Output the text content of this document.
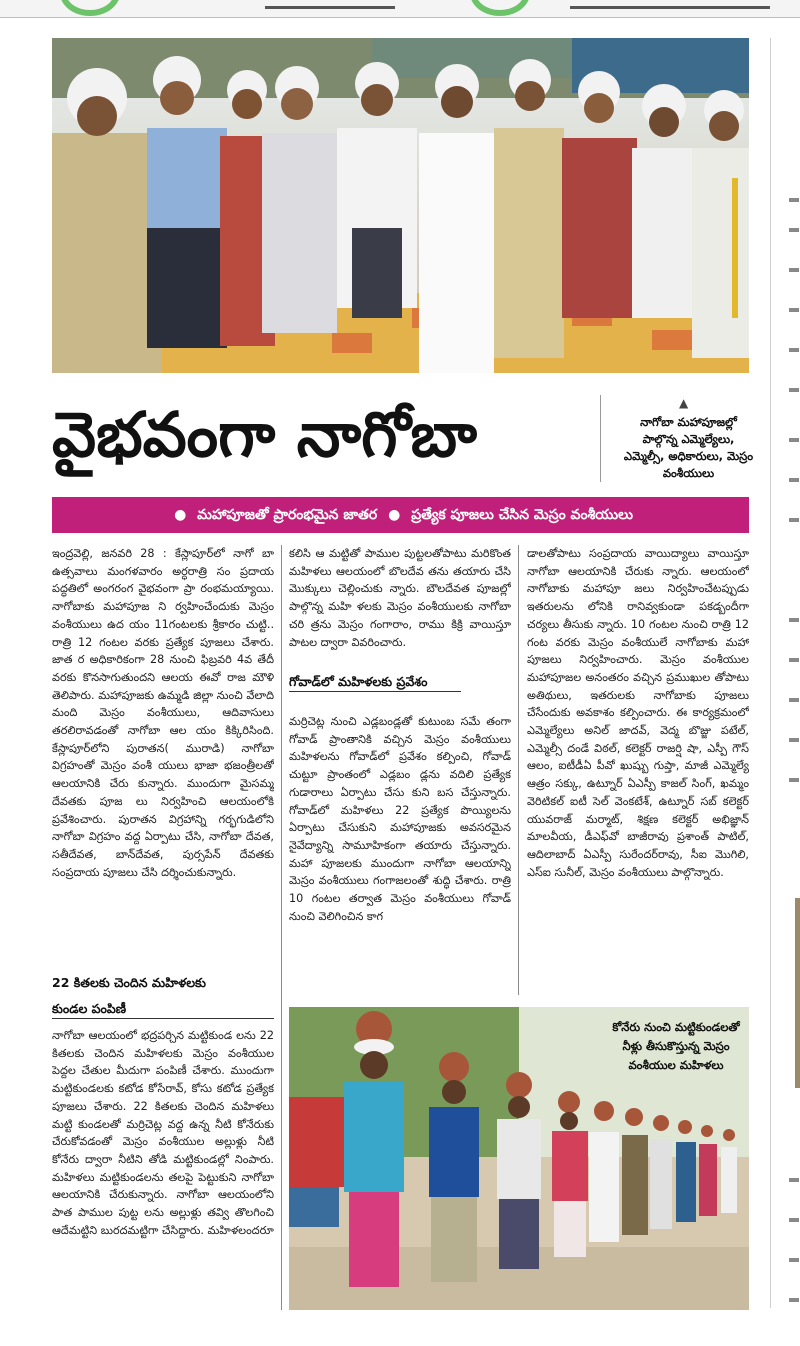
వైభవంగా నాగోబా	▲
నాగోబా మహాపూజల్లో
పాల్గొన్న ఎమ్మెల్యేలు,
ఎమ్మెల్సీ, అధికారులు, మెస్రం
వంశీయులు
● మహాపూజతో ప్రారంభమైన జాతర ● ప్రత్యేక పూజలు చేసిన మెస్రం వంశీయులు

ఇంద్రవెల్లి, జనవరి 28 : కేస్లాపూర్‌లో నాగో బా ఉత్సవాలు మంగళవారం అర్ధరాత్రి సం ప్రదాయ పద్ధతిలో అంగరంగ వైభవంగా ప్రా రంభమయ్యాయి. నాగోబాకు మహాపూజ ని ర్వహించేందుకు మెస్రం వంశీయులు ఉద యం 11గంటలకు శ్రీకారం చుట్టి.. రాత్రి 12 గంటల వరకు ప్రత్యేక పూజలు చేశారు. జాత ర అధికారికంగా 28 నుంచి ఫిబ్రవరి 4వ తేదీ వరకు కొనసాగుతుందని ఆలయ ఈవో రాజ మౌళి తెలిపారు. మహాపూజకు ఉమ్మడి జిల్లా నుంచి వేలాది మంది మెస్రం వంశీయులు, ఆదివాసులు తరలిరావడంతో నాగోబా ఆల యం కిక్కిరిసింది. కేస్లాపూర్‌లోని పురాతన( మురాడి) నాగోబా విగ్రహంతో మెస్రం వంశీ యులు భాజా భజంత్రీలతో ఆలయానికి చేరు కున్నారు. ముందుగా మైసమ్మ దేవతకు పూజ లు నిర్వహించి ఆలయంలోకి ప్రవేశించారు. పురాతన విగ్రహాన్ని గర్భగుడిలోని నాగోబా విగ్రహం వద్ద ఏర్పాటు చేసి, నాగోబా దేవత, సతీదేవత, బాన్‌దేవత, పుర్సపేన్ దేవతకు సంప్రదాయ పూజలు చేసి దర్శించుకున్నారు.

22 కితలకు చెందిన మహిళలకు
కుండల పంపిణీ

నాగోబా ఆలయంలో భద్రపర్చిన మట్టికుండ లను 22 కితలకు చెందిన మహిళలకు మెస్రం వంశీయుల పెద్దల చేతుల మీదుగా పంపిణీ చేశారు. ముందుగా మట్టికుండలకు కటోడ కోసేరావ్, కోసు కటోడ ప్రత్యేక పూజలు చేశారు. 22 కితలకు చెందిన మహిళలు మట్టి కుండలతో మర్రిచెట్ల వద్ద ఉన్న నీటి కోనేరుకు చేరుకోవడంతో మెస్రం వంశీయుల అల్లుళ్లు నీటి కోనేరు ద్వారా నీటిని తోడి మట్టికుండల్లో నింపారు. మహిళలు మట్టికుండలను తలపై పెట్టుకుని నాగోబా ఆలయానికి చేరుకున్నారు. నాగోబా ఆలయంలోని పాత పాముల పుట్ట లను అల్లుళ్లు తవ్వి తొలగించి ఆదేమట్టిని బురదమట్టిగా చేసిద్దారు. మహిళలందరూ

కలిసి ఆ మట్టితో పాముల పుట్టలతోపాటు మరికొంత మహిళలు ఆలయంలో బొలదేవ తను తయారు చేసి మొక్కులు చెల్లించుకు న్నారు. బౌలదేవత పూజల్లో పాల్గొన్న మహి ళలకు మెస్రం వంశీయులకు నాగోబా చరి త్రను మెస్రం గంగారాం, రాము కిక్రి వాయిస్తూ పాటల ద్వారా వివరించారు.

గోవాడ్‌లో మహిళలకు ప్రవేశం

మర్రిచెట్ల నుంచి ఎడ్లబండ్లతో కుటుంబ సమే తంగా గోవాడ్ ప్రాంతానికి వచ్చిన మెస్రం వంశీయులు మహిళలను గోవాడ్‌లో ప్రవేశం కల్పించి, గోవాడ్ చుట్టూ ప్రాంతంలో ఎడ్లబం డ్లను వదిలి ప్రత్యేక గుడారాలు ఏర్పాటు చేసు కుని బస చేస్తున్నారు. గోవాడ్‌లో మహిళలు 22 ప్రత్యేక పొయ్యిలను ఏర్పాటు చేసుకుని మహాపూజకు అవసరమైన నైవేద్యాన్ని సామూహికంగా తయారు చేస్తున్నారు. మహా పూజలకు ముందుగా నాగోబా ఆలయాన్ని మెస్రం వంశీయులు గంగాజలంతో శుద్ధి చేశారు. రాత్రి 10 గంటల తర్వాత మెస్రం వంశీయులు గోవాడ్ నుంచి వెలిగించిన కాగ

డాలతోపాటు సంప్రదాయ వాయిద్యాలు వాయిస్తూ నాగోబా ఆలయానికి చేరుకు న్నారు. ఆలయంలో నాగోబాకు మహాపూ జలు నిర్వహించేటప్పుడు ఇతరులను లోనికి రానివ్వకుండా పకడ్బందీగా చర్యలు తీసుకు న్నారు. 10 గంటల నుంచి రాత్రి 12 గంట వరకు మెస్రం వంశీయులే నాగోబాకు మహా పూజలు నిర్వహించారు. మెస్రం వంశీయుల మహాపూజల అనంతరం వచ్చిన ప్రముఖుల తోపాటు అతిథులు, ఇతరులకు నాగోబాకు పూజలు చేసేందుకు అవకాశం కల్పించారు. ఈ కార్యక్రమంలో ఎమ్మెల్యేలు అనిల్ జాదవ్, వెద్మ బొజ్జు పటేల్, ఎమ్మెల్సీ దండే విఠల్, కలెక్టర్ రాజర్షి షా, ఎస్పీ గౌస్ ఆలం, ఐటీడీఏ పీవో ఖుష్బు గుప్తా, మాజీ ఎమ్మెల్యే ఆత్రం సక్కు, ఉట్నూర్ ఏఎస్పీ కాజల్ సింగ్, ఖమ్మం వెరిటికల్ ఐటీ సెల్ వెంకటేశ్, ఉట్నూర్ సబ్ కలెక్టర్ యువరాజ్ మర్మాట్, శిక్షణ కలెక్టర్ అభిజ్ఞాన్ మాలవీయ, డీఎఫ్‌వో బాజీరావు ప్రశాంత్ పాటిల్, ఆదిలాబాద్ ఏఎస్పీ సురేందర్‌రావు, సీఐ మొగిలి, ఎస్ఐ సునీల్, మెస్రం వంశీయులు పాల్గొన్నారు.

కోనేరు నుంచి మట్టికుండలతో
నీళ్లు తీసుకొస్తున్న మెస్రం
వంశీయుల మహిళలు
